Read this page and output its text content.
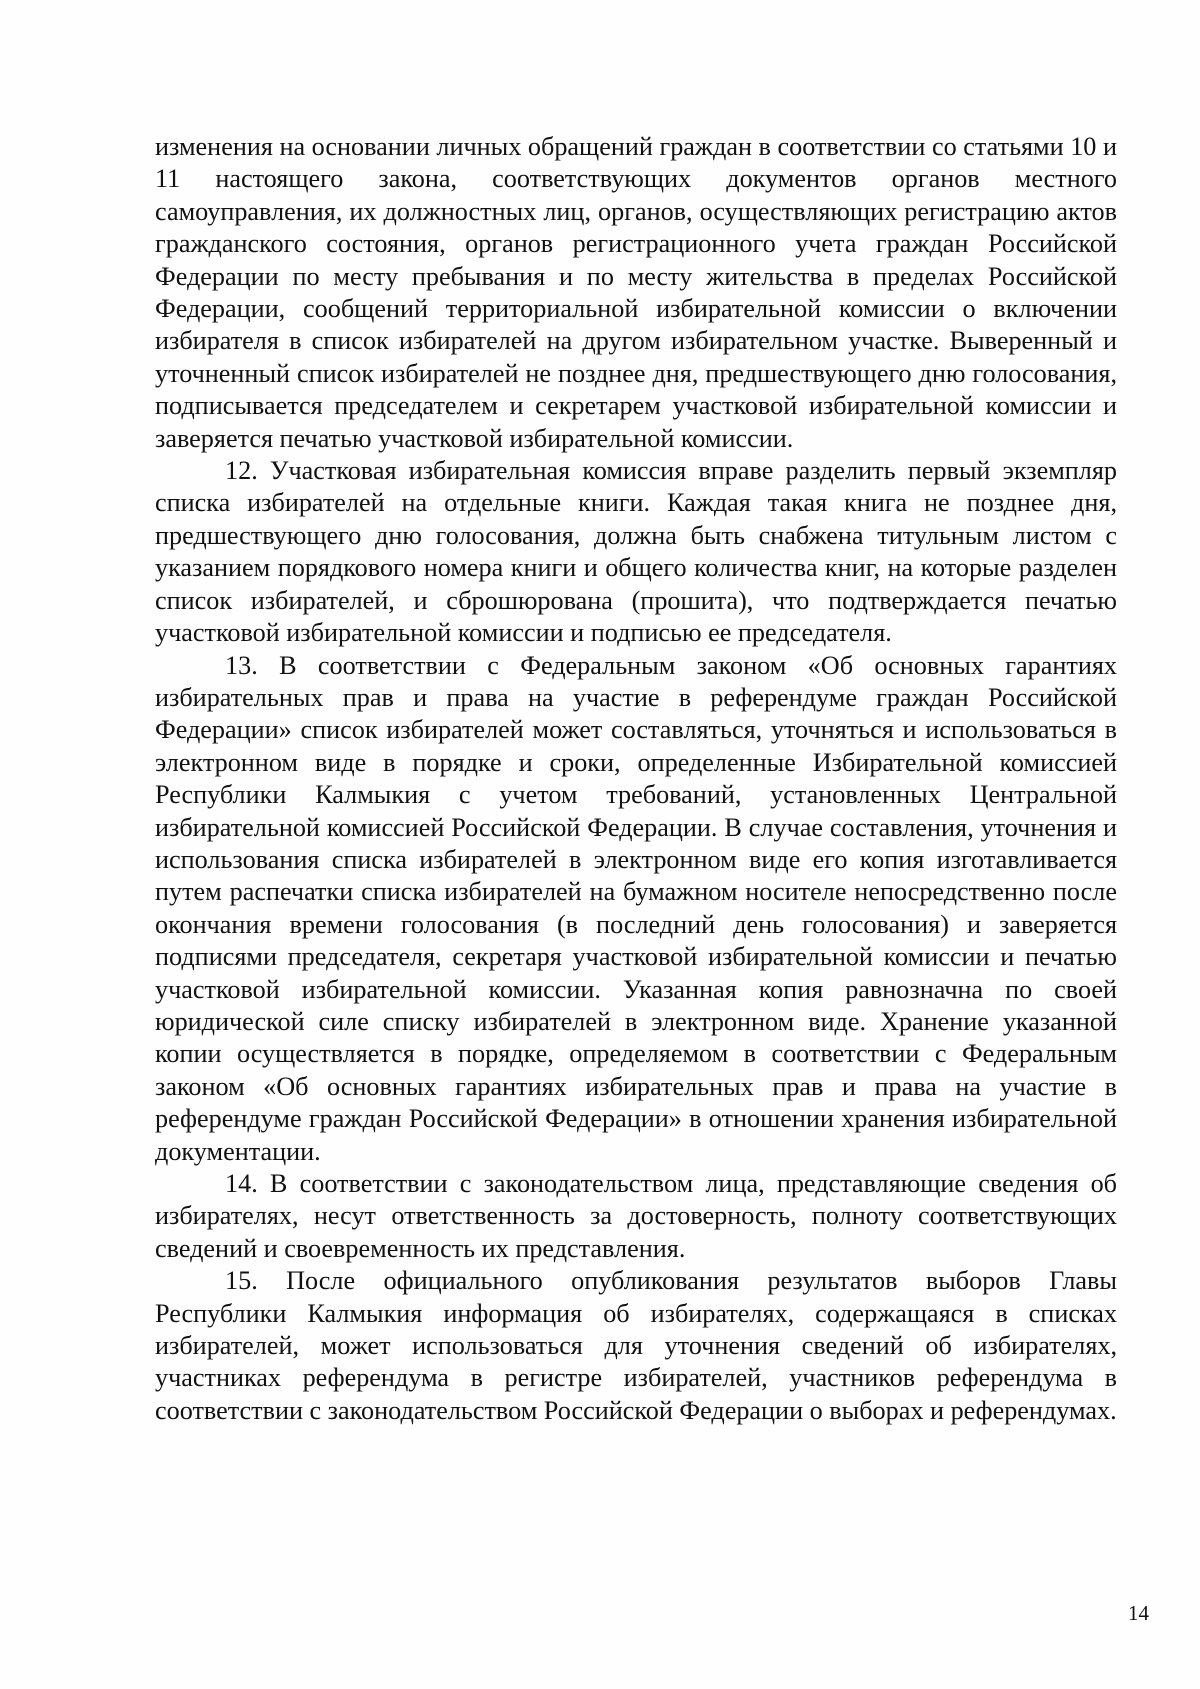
изменения на основании личных обращений граждан в соответствии со статьями 10 и 11 настоящего закона, соответствующих документов органов местного самоуправления, их должностных лиц, органов, осуществляющих регистрацию актов гражданского состояния, органов регистрационного учета граждан Российской Федерации по месту пребывания и по месту жительства в пределах Российской Федерации, сообщений территориальной избирательной комиссии о включении избирателя в список избирателей на другом избирательном участке. Выверенный и уточненный список избирателей не позднее дня, предшествующего дню голосования, подписывается председателем и секретарем участковой избирательной комиссии и заверяется печатью участковой избирательной комиссии.

12. Участковая избирательная комиссия вправе разделить первый экземпляр списка избирателей на отдельные книги. Каждая такая книга не позднее дня, предшествующего дню голосования, должна быть снабжена титульным листом с указанием порядкового номера книги и общего количества книг, на которые разделен список избирателей, и сброшюрована (прошита), что подтверждается печатью участковой избирательной комиссии и подписью ее председателя.

13. В соответствии с Федеральным законом «Об основных гарантиях избирательных прав и права на участие в референдуме граждан Российской Федерации» список избирателей может составляться, уточняться и использоваться в электронном виде в порядке и сроки, определенные Избирательной комиссией Республики Калмыкия с учетом требований, установленных Центральной избирательной комиссией Российской Федерации. В случае составления, уточнения и использования списка избирателей в электронном виде его копия изготавливается путем распечатки списка избирателей на бумажном носителе непосредственно после окончания времени голосования (в последний день голосования) и заверяется подписями председателя, секретаря участковой избирательной комиссии и печатью участковой избирательной комиссии. Указанная копия равнозначна по своей юридической силе списку избирателей в электронном виде. Хранение указанной копии осуществляется в порядке, определяемом в соответствии с Федеральным законом «Об основных гарантиях избирательных прав и права на участие в референдуме граждан Российской Федерации» в отношении хранения избирательной документации.

14. В соответствии с законодательством лица, представляющие сведения об избирателях, несут ответственность за достоверность, полноту соответствующих сведений и своевременность их представления.

15. После официального опубликования результатов выборов Главы Республики Калмыкия информация об избирателях, содержащаяся в списках избирателей, может использоваться для уточнения сведений об избирателях, участниках референдума в регистре избирателей, участников референдума в соответствии с законодательством Российской Федерации о выборах и референдумах.

14
